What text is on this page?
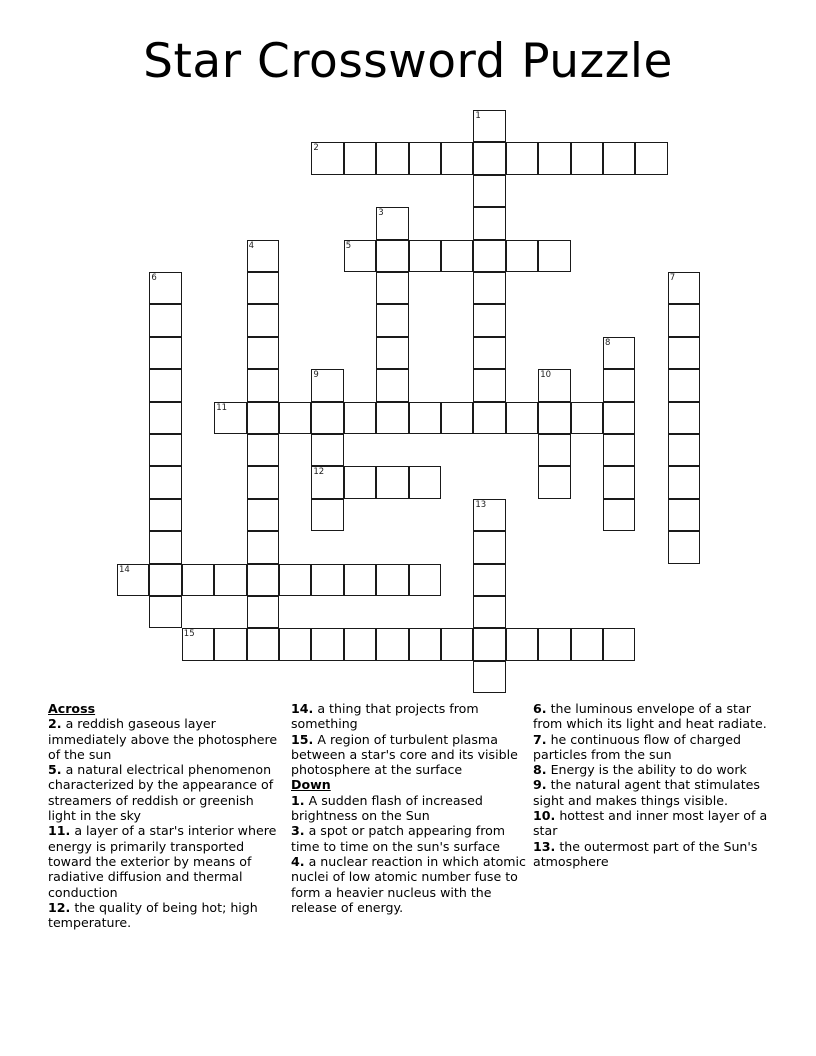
Star Crossword Puzzle
1
2
3
4	5
6	7
8
9
12
10
11
13
14
15
Across
2. a reddish gaseous layer immediately above the photosphere of the sun
5. a natural electrical phenomenon characterized by the appearance of streamers of reddish or greenish light in the sky
11. a layer of a star's interior where energy is primarily transported toward the exterior by means of radiative diffusion and thermal conduction
12. the quality of being hot; high temperature.
14. a thing that projects from something
15. A region of turbulent plasma between a star's core and its visible photosphere at the surface
Down
1. A sudden flash of increased brightness on the Sun
3. a spot or patch appearing from time to time on the sun's surface
4. a nuclear reaction in which atomic nuclei of low atomic number fuse to form a heavier nucleus with the release of energy.
6. the luminous envelope of a star from which its light and heat radiate.
7. he continuous flow of charged particles from the sun
8. Energy is the ability to do work
9. the natural agent that stimulates sight and makes things visible.
10. hottest and inner most layer of a star
13. the outermost part of the Sun's atmosphere
